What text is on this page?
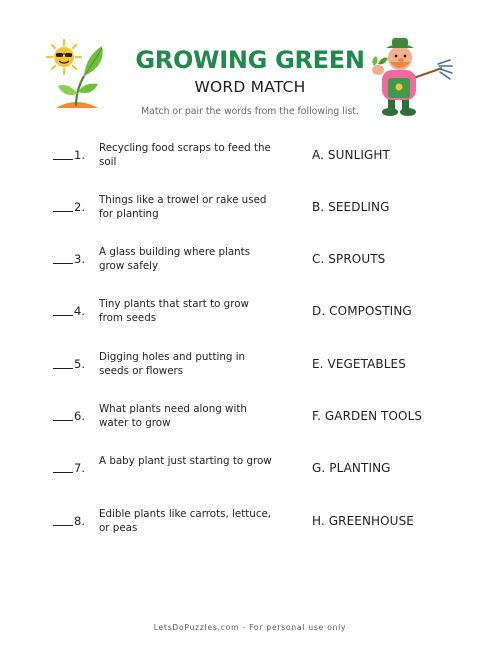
GROWING GREEN
WORD MATCH
Match or pair the words from the following list.
1.	Recycling food scraps to feed the soil	A. SUNLIGHT
2.	Things like a trowel or rake used for planting	B. SEEDLING
3.	A glass building where plants grow safely	C. SPROUTS
4.	Tiny plants that start to grow from seeds	D. COMPOSTING
5.	Digging holes and putting in seeds or flowers	E. VEGETABLES
6.	What plants need along with water to grow	F. GARDEN TOOLS
7.	A baby plant just starting to grow	G. PLANTING
8.	Edible plants like carrots, lettuce, or peas	H. GREENHOUSE
LetsDoPuzzles.com - For personal use only
